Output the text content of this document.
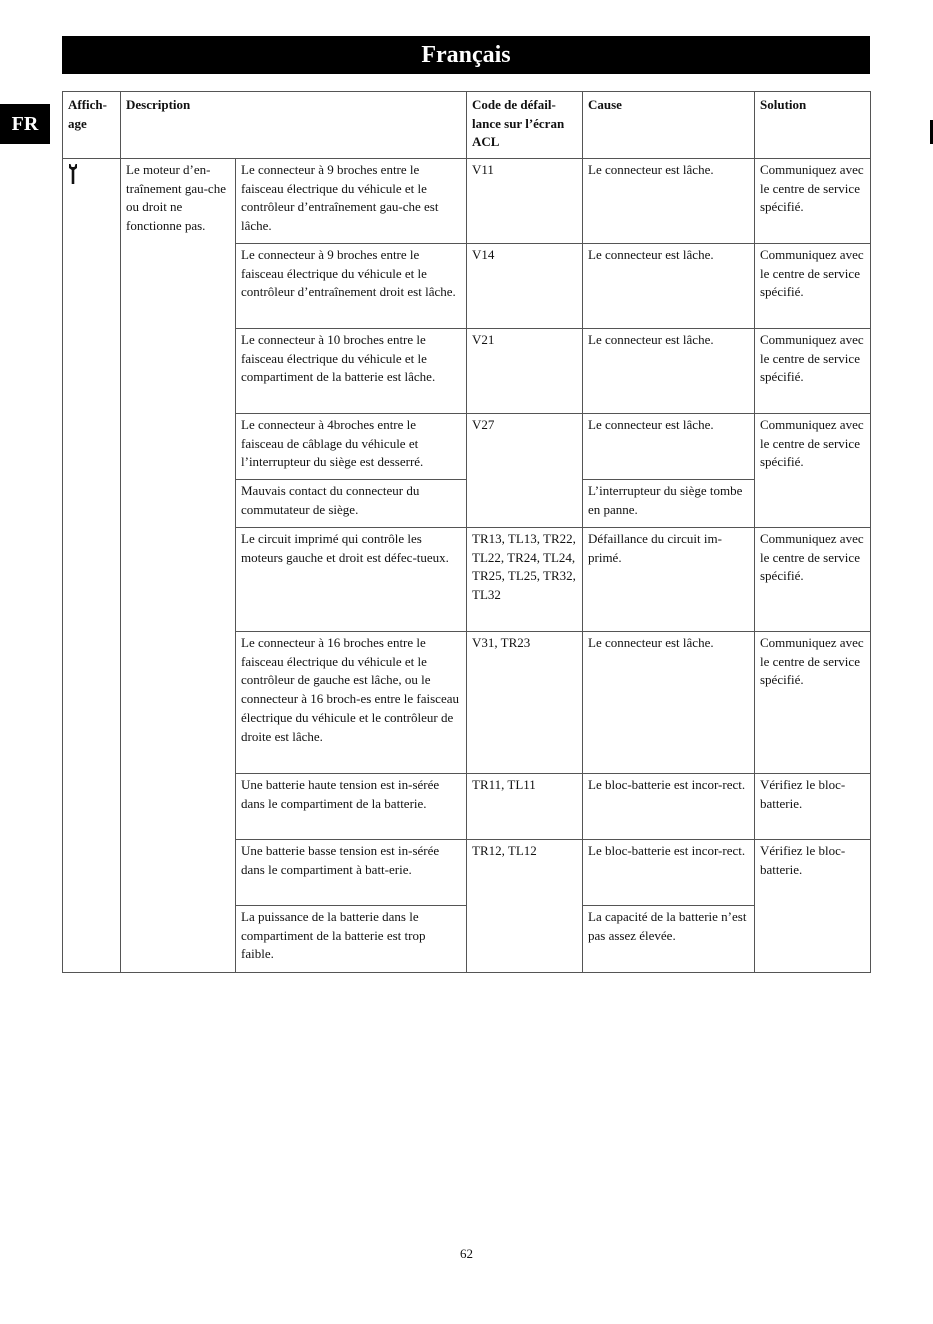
Français
FR
Affich-age	Description		Code de défail-lance sur l’écran ACL	Cause	Solution
	Le moteur d’en-traînement gau-che ou droit ne fonctionne pas.	Le connecteur à 9 broches entre le faisceau électrique du véhicule et le contrôleur d’entraînement gau-che est lâche.	V11	Le connecteur est lâche.	Communiquez avec le centre de service spécifié.
		Le connecteur à 9 broches entre le faisceau électrique du véhicule et le contrôleur d’entraînement droit est lâche.	V14	Le connecteur est lâche.	Communiquez avec le centre de service spécifié.
		Le connecteur à 10 broches entre le faisceau électrique du véhicule et le compartiment de la batterie est lâche.	V21	Le connecteur est lâche.	Communiquez avec le centre de service spécifié.
		Le connecteur à 4broches entre le faisceau de câblage du véhicule et l’interrupteur du siège est desserré.	V27	Le connecteur est lâche.	Communiquez avec le centre de service spécifié.
		Mauvais contact du connecteur du commutateur de siège.		L’interrupteur du siège tombe en panne.	
		Le circuit imprimé qui contrôle les moteurs gauche et droit est défec-tueux.	TR13, TL13, TR22, TL22, TR24, TL24, TR25, TL25, TR32, TL32	Défaillance du circuit im-primé.	Communiquez avec le centre de service spécifié.
		Le connecteur à 16 broches entre le faisceau électrique du véhicule et le contrôleur de gauche est lâche, ou le connecteur à 16 broch-es entre le faisceau électrique du véhicule et le contrôleur de droite est lâche.	V31, TR23	Le connecteur est lâche.	Communiquez avec le centre de service spécifié.
		Une batterie haute tension est in-sérée dans le compartiment de la batterie.	TR11, TL11	Le bloc-batterie est incor-rect.	Vérifiez le bloc-batterie.
		Une batterie basse tension est in-sérée dans le compartiment à batt-erie.	TR12, TL12	Le bloc-batterie est incor-rect.	Vérifiez le bloc-batterie.
		La puissance de la batterie dans le compartiment de la batterie est trop faible.		La capacité de la batterie n’est pas assez élevée.	
62
